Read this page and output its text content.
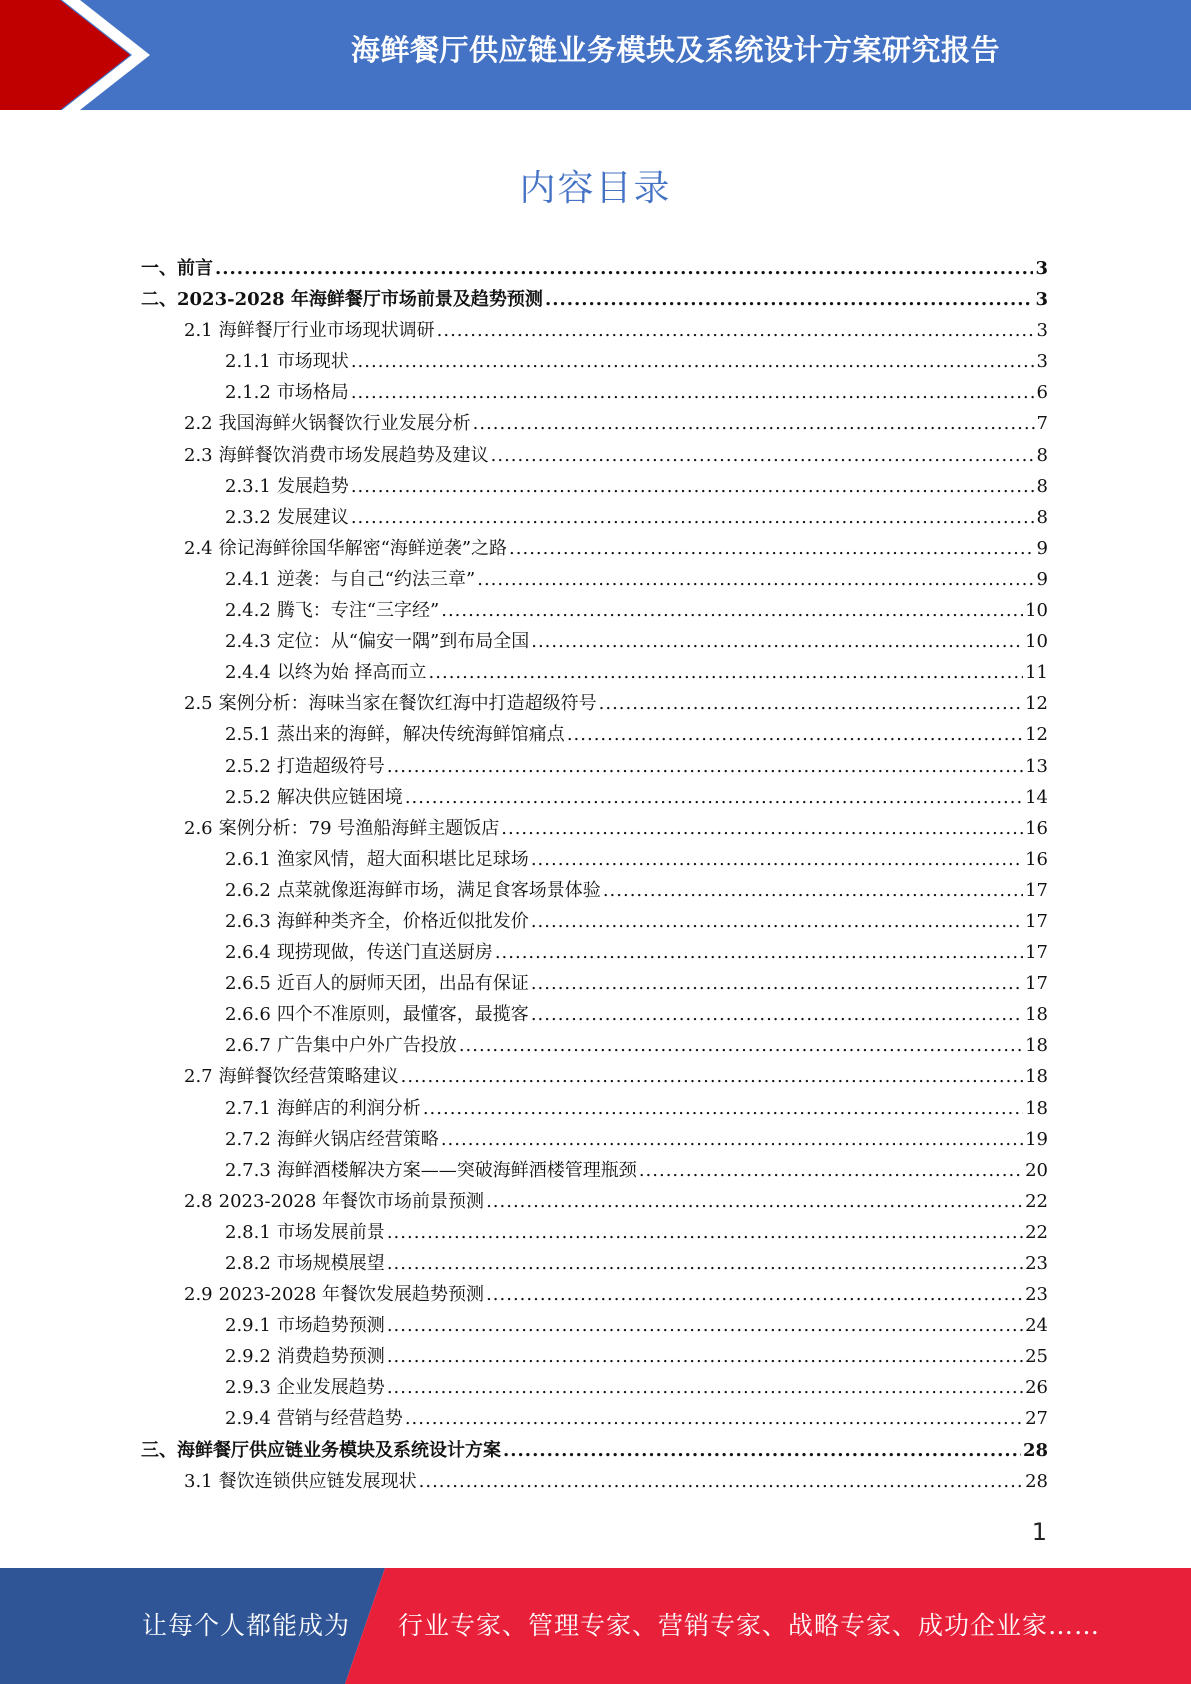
海鲜餐厅供应链业务模块及系统设计方案研究报告
内容目录
一、 前言 .....	3
二、 2023-2028 年海鲜餐厅市场前景及趋势预测 .....	3
2.1 海鲜餐厅行业市场现状调研 .....	3
2.1.1 市场现状 .....	3
2.1.2 市场格局 .....	6
2.2 我国海鲜火锅餐饮行业发展分析 .....	7
2.3 海鲜餐饮消费市场发展趋势及建议 .....	8
2.3.1 发展趋势 .....	8
2.3.2 发展建议 .....	8
2.4 徐记海鲜徐国华解密“海鲜逆袭”之路 .....	9
2.4.1 逆袭：与自己“约法三章” .....	9
2.4.2 腾飞：专注“三字经” .....	10
2.4.3 定位：从“偏安一隅”到布局全国 .....	10
2.4.4 以终为始 择高而立 .....	11
2.5 案例分析：海味当家在餐饮红海中打造超级符号 .....	12
2.5.1 蒸出来的海鲜，解决传统海鲜馆痛点 .....	12
2.5.2 打造超级符号 .....	13
2.5.2 解决供应链困境 .....	14
2.6 案例分析：79 号渔船海鲜主题饭店 .....	16
2.6.1 渔家风情，超大面积堪比足球场 .....	16
2.6.2 点菜就像逛海鲜市场，满足食客场景体验 .....	17
2.6.3 海鲜种类齐全，价格近似批发价 .....	17
2.6.4 现捞现做，传送门直送厨房 .....	17
2.6.5 近百人的厨师天团，出品有保证 .....	17
2.6.6 四个不准原则，最懂客，最揽客 .....	18
2.6.7 广告集中户外广告投放 .....	18
2.7 海鲜餐饮经营策略建议 .....	18
2.7.1 海鲜店的利润分析 .....	18
2.7.2 海鲜火锅店经营策略 .....	19
2.7.3 海鲜酒楼解决方案——突破海鲜酒楼管理瓶颈 .....	20
2.8 2023-2028 年餐饮市场前景预测 .....	22
2.8.1 市场发展前景 .....	22
2.8.2 市场规模展望 .....	23
2.9 2023-2028 年餐饮发展趋势预测 .....	23
2.9.1 市场趋势预测 .....	24
2.9.2 消费趋势预测 .....	25
2.9.3 企业发展趋势 .....	26
2.9.4 营销与经营趋势 .....	27
三、 海鲜餐厅供应链业务模块及系统设计方案 .....	28
3.1 餐饮连锁供应链发展现状 .....	28
1
让每个人都能成为 行业专家、管理专家、营销专家、战略专家、成功企业家……
